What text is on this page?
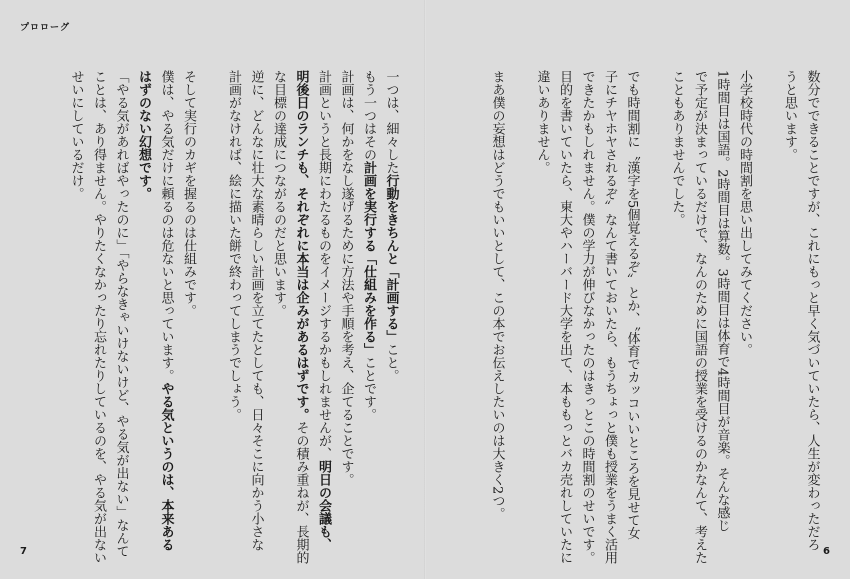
プロローグ

数分でできることですが、これにもっと早く気づいていたら、人生が変わっただろ

うと思います。

小学校時代の時間割を思い出してみてください。

1時間目は国語。2時間目は算数。3時間目は体育で4時間目が音楽。そんな感じ

で予定が決まっているだけで、なんのために国語の授業を受けるのかなんて、考えた

こともありませんでした。

でも時間割に〝漢字を5個覚えるぞ〟とか、〝体育でカッコいいところを見せて女

子にチヤホヤされるぞ〟なんて書いておいたら、もうちょっと僕も授業をうまく活用

できたかもしれません。僕の学力が伸びなかったのはきっとこの時間割のせいです。

目的を書いていたら、東大やハーバード大学を出て、本ももっとバカ売れしていたに

違いありません。

まあ僕の妄想はどうでもいいとして、この本でお伝えしたいのは大きく2つ。

一つは、細々した行動をきちんと「計画する」こと。

もう一つはその計画を実行する「仕組みを作る」ことです。

計画は、何かをなし遂げるために方法や手順を考え、企てることです。

計画というと長期にわたるものをイメージするかもしれませんが、明日の会議も、

明後日のランチも、それぞれに本当は企みがあるはずです。その積み重ねが、長期的

な目標の達成につながるのだと思います。

逆に、どんなに壮大な素晴らしい計画を立てたとしても、日々そこに向かう小さな

計画がなければ、絵に描いた餅で終わってしまうでしょう。

そして実行のカギを握るのは仕組みです。

僕は、やる気だけに頼るのは危ないと思っています。やる気というのは、本来ある

はずのない幻想です。

「やる気があればやったのに」「やらなきゃいけないけど、やる気が出ない」なんて

ことは、あり得ません。やりたくなかったり忘れたりしているのを、やる気が出ない

せいにしているだけ。

7	6
